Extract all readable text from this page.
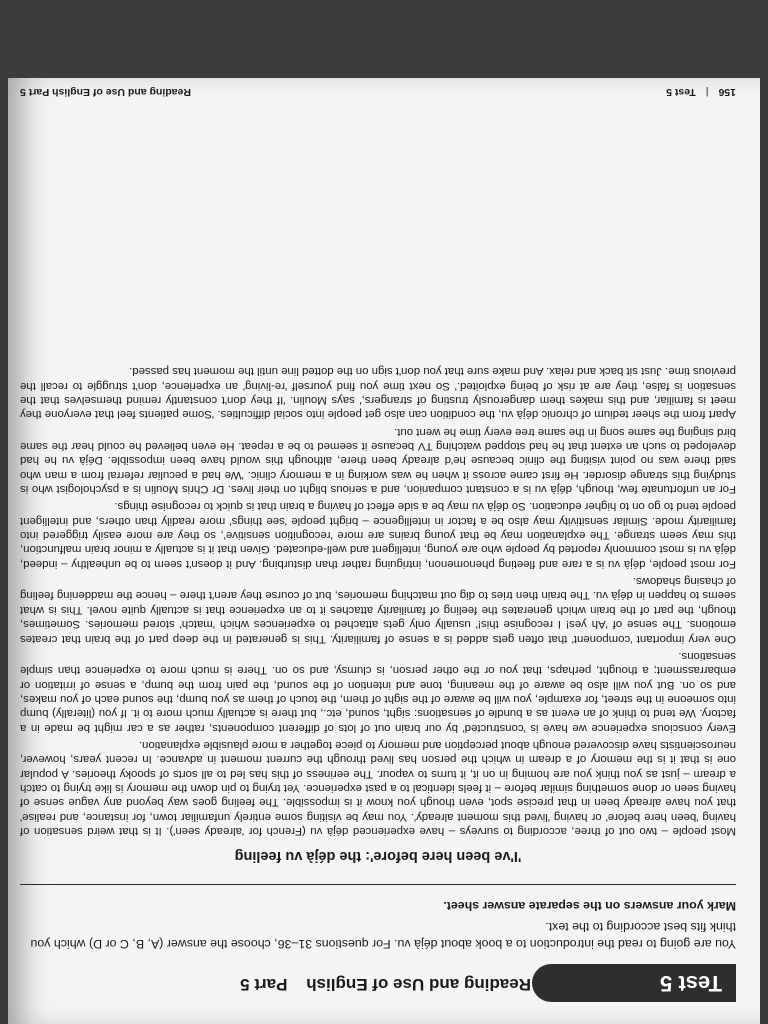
Test 5
Reading and Use of English Part 5

You are going to read the introduction to a book about déjà vu. For questions 31–36, choose the answer (A, B, C or D) which you think fits best according to the text.

Mark your answers on the separate answer sheet.

'I've been here before': the déjà vu feeling

Most people – two out of three, according to surveys – have experienced déjà vu (French for 'already seen'). It is that weird sensation of having 'been here before' or having 'lived this moment already'. You may be visiting some entirely unfamiliar town, for instance, and realise' that you have already been in that precise spot, even though you know it is impossible. The feeling goes way beyond any vague sense of having seen or done something similar before – it feels identical to a past experience. Yet trying to pin down the memory is like trying to catch a dream – just as you think you are homing in on it, it turns to vapour. The eeriness of this has led to all sorts of spooky theories. A popular one is that it is the memory of a dream in which the person has lived through the current moment in advance. In recent years, however, neuroscientists have discovered enough about perception and memory to piece together a more plausible explanation.

Every conscious experience we have is 'constructed' by our brain out of lots of different components, rather as a car might be made in a factory. We tend to think of an event as a bundle of sensations: sight, sound, etc., but there is actually much more to it. If you (literally) bump into someone in the street, for example, you will be aware of the sight of them, the touch of them as you bump, the sound each of you makes, and so on. But you will also be aware of the meaning, tone and intention of the sound, the pain from the bump, a sense of irritation or embarrassment; a thought, perhaps, that you or the other person, is clumsy, and so on. There is much more to experience than simple sensations.

One very important 'component' that often gets added is a sense of familiarity. This is generated in the deep part of the brain that creates emotions. The sense of 'Ah yes! I recognise this!' usually only gets attached to experiences which 'match' stored memories. Sometimes, though, the part of the brain which generates the feeling of familiarity attaches it to an experience that is actually quite novel. This is what seems to happen in déjà vu. The brain then tries to dig out matching memories, but of course they aren't there – hence the maddening feeling of chasing shadows.

For most people, déjà vu is a rare and fleeting phenomenon, intriguing rather than disturbing. And it doesn't seem to be unhealthy – indeed, déjà vu is most commonly reported by people who are young, intelligent and well-educated. Given that it is actually a minor brain malfunction, this may seem strange. The explanation may be that young brains are more 'recognition sensitive', so they are more easily triggered into familiarity mode. Similar sensitivity may also be a factor in intelligence – bright people 'see things' more readily than others, and intelligent people tend to go on to higher education. So déjà vu may be a side effect of having a brain that is quick to recognise things.

For an unfortunate few, though, déjà vu is a constant companion, and a serious blight on their lives. Dr Chris Moulin is a psychologist who is studying this strange disorder. He first came across it when he was working in a memory clinic. 'We had a peculiar referral from a man who said there was no point visiting the clinic because he'd already been there, although this would have been impossible. Déjà vu he had developed to such an extent that he had stopped watching TV because it seemed to be a repeat. He even believed he could hear the same bird singing the same song in the same tree every time he went out.

Apart from the sheer tedium of chronic déjà vu, the condition can also get people into social difficulties. 'Some patients feel that everyone they meet is familiar, and this makes them dangerously trusting of strangers,' says Moulin. 'If they don't constantly remind themselves that the sensation is false, they are at risk of being exploited.' So next time you find yourself 're-living' an experience, don't struggle to recall the previous time. Just sit back and relax. And make sure that you don't sign on the dotted line until the moment has passed.

156
|
Test 5
Reading and Use of English Part 5
